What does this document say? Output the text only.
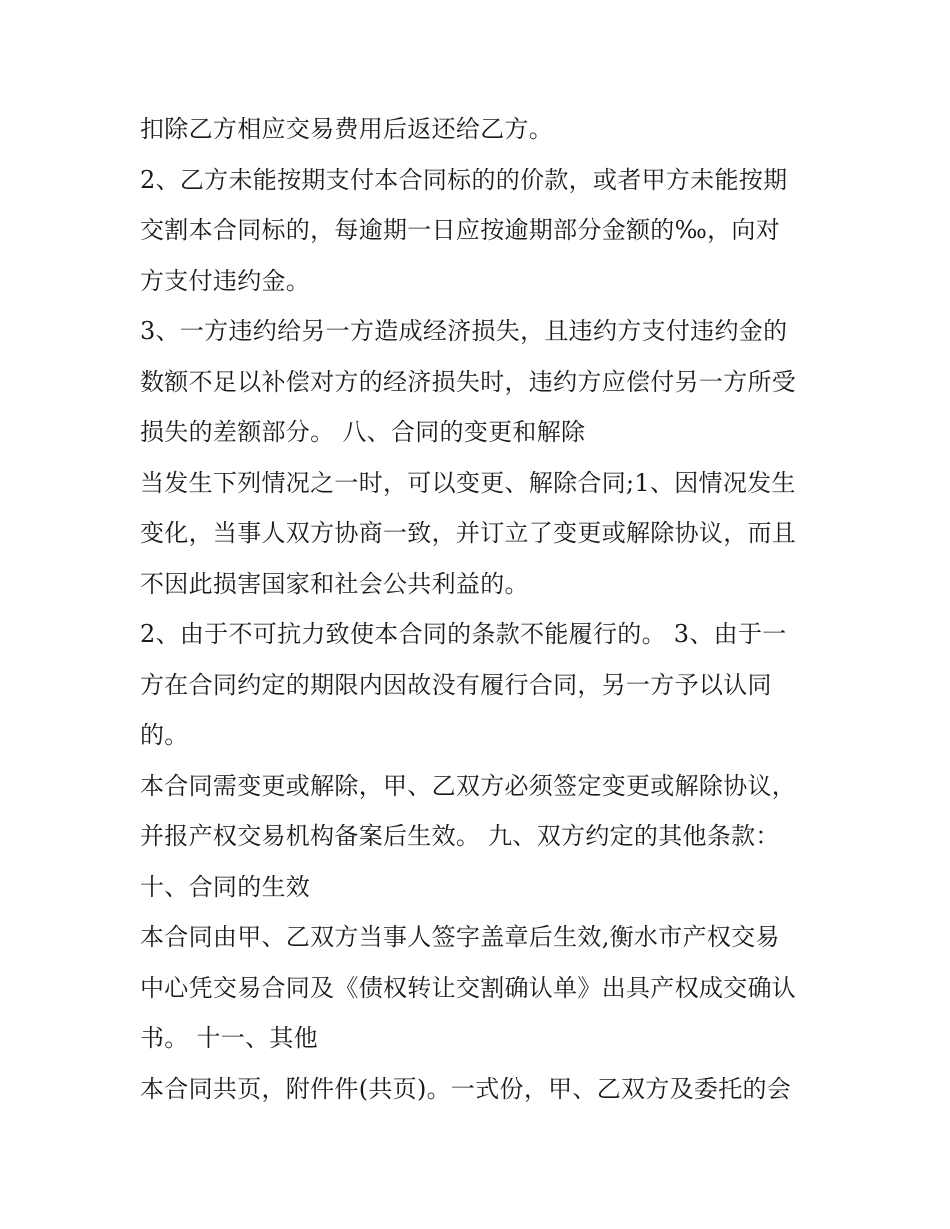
扣除乙方相应交易费用后返还给乙方。
2、乙方未能按期支付本合同标的的价款，或者甲方未能按期
交割本合同标的，每逾期一日应按逾期部分金额的‰，向对
方支付违约金。
3、一方违约给另一方造成经济损失，且违约方支付违约金的
数额不足以补偿对方的经济损失时，违约方应偿付另一方所受
损失的差额部分。 八、合同的变更和解除
当发生下列情况之一时，可以变更、解除合同;1、因情况发生
变化，当事人双方协商一致，并订立了变更或解除协议，而且
不因此损害国家和社会公共利益的。
2、由于不可抗力致使本合同的条款不能履行的。 3、由于一
方在合同约定的期限内因故没有履行合同，另一方予以认同
的。
本合同需变更或解除，甲、乙双方必须签定变更或解除协议，
并报产权交易机构备案后生效。 九、双方约定的其他条款：
十、合同的生效
本合同由甲、乙双方当事人签字盖章后生效,衡水市产权交易
中心凭交易合同及《债权转让交割确认单》出具产权成交确认
书。 十一、其他
本合同共页，附件件(共页)。一式份，甲、乙双方及委托的会
